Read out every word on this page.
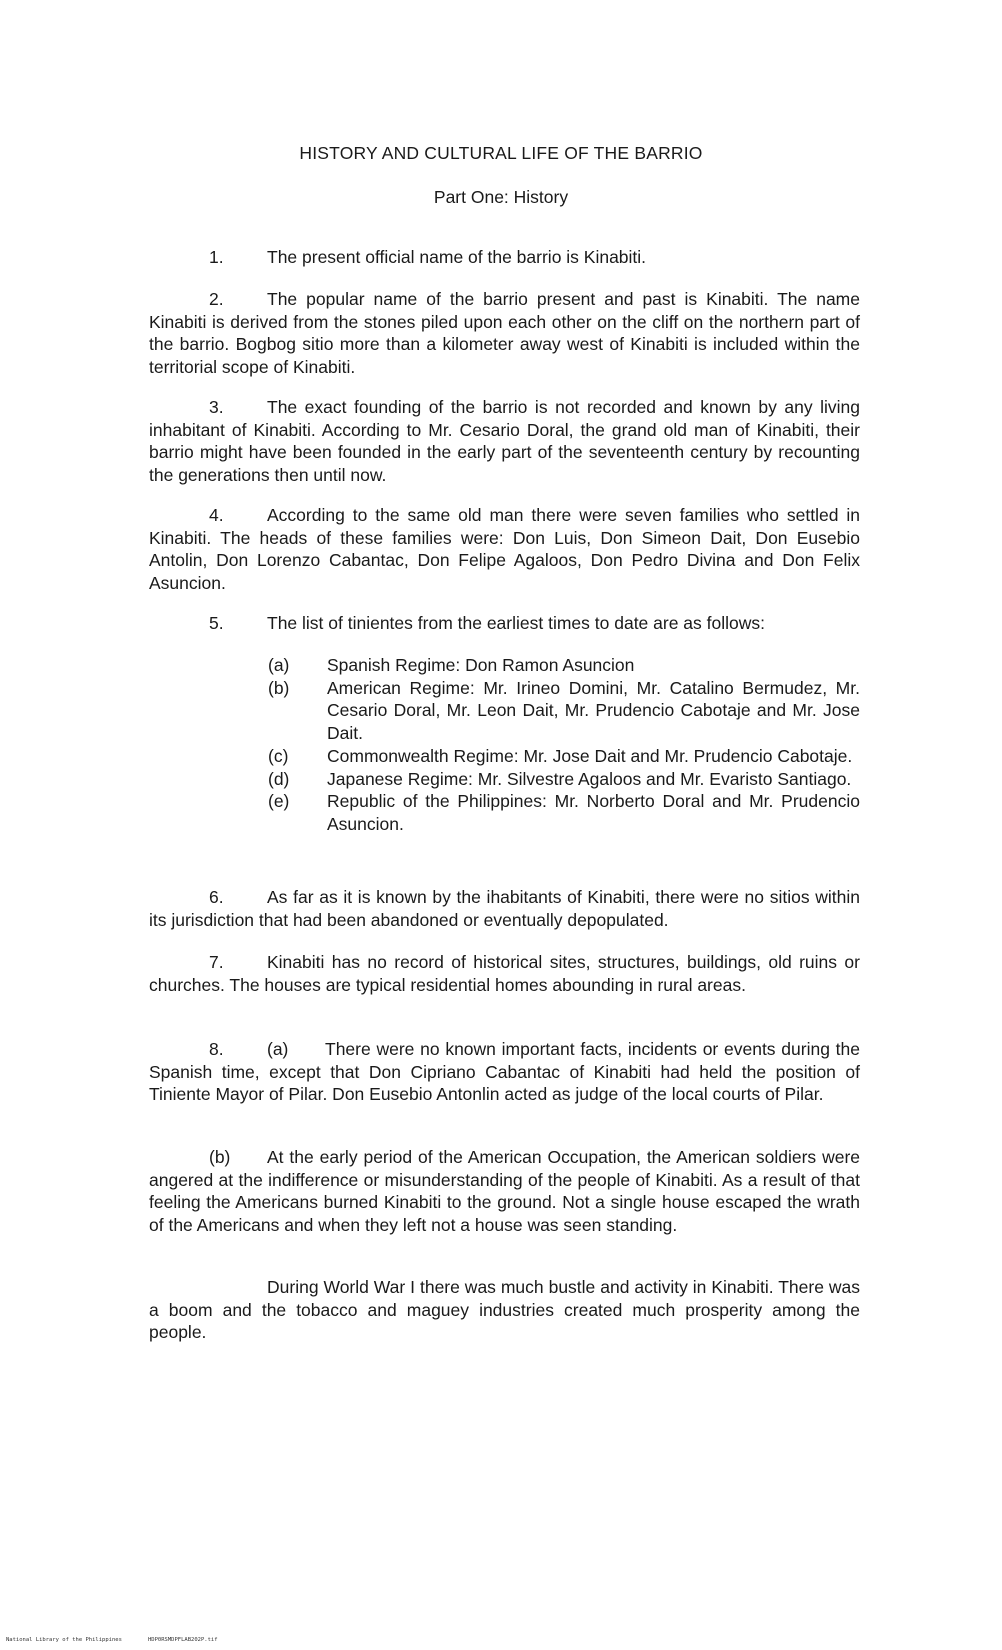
HISTORY AND CULTURAL LIFE OF THE BARRIO
Part One: History
1. The present official name of the barrio is Kinabiti.

2. The popular name of the barrio present and past is Kinabiti. The name Kinabiti is derived from the stones piled upon each other on the cliff on the northern part of the barrio. Bogbog sitio more than a kilometer away west of Kinabiti is included within the territorial scope of Kinabiti.

3. The exact founding of the barrio is not recorded and known by any living inhabitant of Kinabiti. According to Mr. Cesario Doral, the grand old man of Kinabiti, their barrio might have been founded in the early part of the seventeenth century by recounting the generations then until now.

4. According to the same old man there were seven families who settled in Kinabiti. The heads of these families were: Don Luis, Don Simeon Dait, Don Eusebio Antolin, Don Lorenzo Cabantac, Don Felipe Agaloos, Don Pedro Divina and Don Felix Asuncion.

5. The list of tinientes from the earliest times to date are as follows:
(a)	Spanish Regime: Don Ramon Asuncion
(b)	American Regime: Mr. Irineo Domini, Mr. Catalino Bermudez, Mr. Cesario Doral, Mr. Leon Dait, Mr. Prudencio Cabotaje and Mr. Jose Dait.
(c)	Commonwealth Regime: Mr. Jose Dait and Mr. Prudencio Cabotaje.
(d)	Japanese Regime: Mr. Silvestre Agaloos and Mr. Evaristo Santiago.
(e)	Republic of the Philippines: Mr. Norberto Doral and Mr. Prudencio Asuncion.

6. As far as it is known by the ihabitants of Kinabiti, there were no sitios within its jurisdiction that had been abandoned or eventually depopulated.

7. Kinabiti has no record of historical sites, structures, buildings, old ruins or churches. The houses are typical residential homes abounding in rural areas.

8. (a) There were no known important facts, incidents or events during the Spanish time, except that Don Cipriano Cabantac of Kinabiti had held the position of Tiniente Mayor of Pilar. Don Eusebio Antonlin acted as judge of the local courts of Pilar.

(b) At the early period of the American Occupation, the American soldiers were angered at the indifference or misunderstanding of the people of Kinabiti. As a result of that feeling the Americans burned Kinabiti to the ground. Not a single house escaped the wrath of the Americans and when they left not a house was seen standing.

During World War I there was much bustle and activity in Kinabiti. There was a boom and the tobacco and maguey industries created much prosperity among the people.

National Library of the Philippines	HDP0RSMDPFLAB202P.tif
